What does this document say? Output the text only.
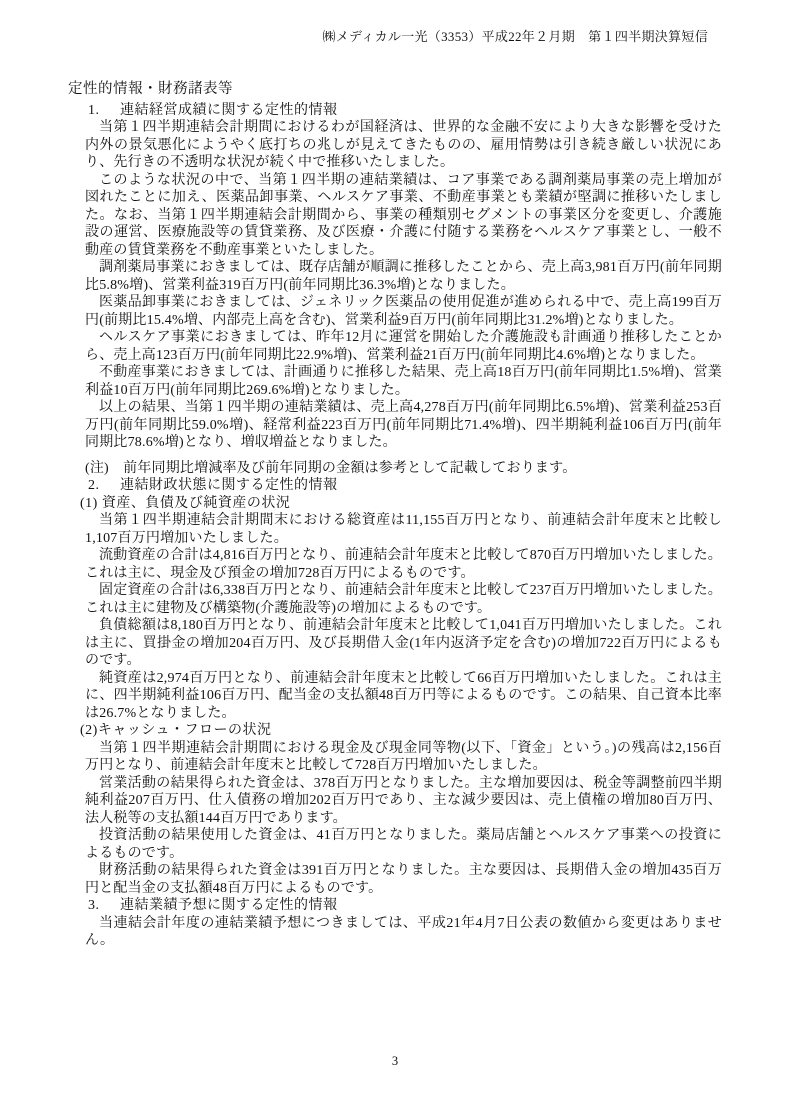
㈱メディカル一光（3353）平成22年２月期　第１四半期決算短信
定性的情報・財務諸表等
1.	連結経営成績に関する定性的情報

当第１四半期連結会計期間におけるわが国経済は、世界的な金融不安により大きな影響を受けた内外の景気悪化にようやく底打ちの兆しが見えてきたものの、雇用情勢は引き続き厳しい状況にあり、先行きの不透明な状況が続く中で推移いたしました。

このような状況の中で、当第１四半期の連結業績は、コア事業である調剤薬局事業の売上増加が図れたことに加え、医薬品卸事業、ヘルスケア事業、不動産事業とも業績が堅調に推移いたしました。なお、当第１四半期連結会計期間から、事業の種類別セグメントの事業区分を変更し、介護施設の運営、医療施設等の賃貸業務、及び医療・介護に付随する業務をヘルスケア事業とし、一般不動産の賃貸業務を不動産事業といたしました。

調剤薬局事業におきましては、既存店舗が順調に推移したことから、売上高3,981百万円(前年同期比5.8%増)、営業利益319百万円(前年同期比36.3%増)となりました。

医薬品卸事業におきましては、ジェネリック医薬品の使用促進が進められる中で、売上高199百万円(前期比15.4%増、内部売上高を含む)、営業利益9百万円(前年同期比31.2%増)となりました。

ヘルスケア事業におきましては、昨年12月に運営を開始した介護施設も計画通り推移したことから、売上高123百万円(前年同期比22.9%増)、営業利益21百万円(前年同期比4.6%増)となりました。

不動産事業におきましては、計画通りに推移した結果、売上高18百万円(前年同期比1.5%増)、営業利益10百万円(前年同期比269.6%増)となりました。

以上の結果、当第１四半期の連結業績は、売上高4,278百万円(前年同期比6.5%増)、営業利益253百万円(前年同期比59.0%増)、経常利益223百万円(前年同期比71.4%増)、四半期純利益106百万円(前年同期比78.6%増)となり、増収増益となりました。

(注)　前年同期比増減率及び前年同期の金額は参考として記載しております。

2.	連結財政状態に関する定性的情報
(1) 資産、負債及び純資産の状況

当第１四半期連結会計期間末における総資産は11,155百万円となり、前連結会計年度末と比較し1,107百万円増加いたしました。

流動資産の合計は4,816百万円となり、前連結会計年度末と比較して870百万円増加いたしました。これは主に、現金及び預金の増加728百万円によるものです。

固定資産の合計は6,338百万円となり、前連結会計年度末と比較して237百万円増加いたしました。これは主に建物及び構築物(介護施設等)の増加によるものです。

負債総額は8,180百万円となり、前連結会計年度末と比較して1,041百万円増加いたしました。これは主に、買掛金の増加204百万円、及び長期借入金(1年内返済予定を含む)の増加722百万円によるものです。

純資産は2,974百万円となり、前連結会計年度末と比較して66百万円増加いたしました。これは主に、四半期純利益106百万円、配当金の支払額48百万円等によるものです。この結果、自己資本比率は26.7%となりました。

(2)キャッシュ・フローの状況

当第１四半期連結会計期間における現金及び現金同等物(以下、「資金」という。)の残高は2,156百万円となり、前連結会計年度末と比較して728百万円増加いたしました。

営業活動の結果得られた資金は、378百万円となりました。主な増加要因は、税金等調整前四半期純利益207百万円、仕入債務の増加202百万円であり、主な減少要因は、売上債権の増加80百万円、法人税等の支払額144百万円であります。

投資活動の結果使用した資金は、41百万円となりました。薬局店舗とヘルスケア事業への投資によるものです。

財務活動の結果得られた資金は391百万円となりました。主な要因は、長期借入金の増加435百万円と配当金の支払額48百万円によるものです。

3.	連結業績予想に関する定性的情報

当連結会計年度の連結業績予想につきましては、平成21年4月7日公表の数値から変更はありません。

3
